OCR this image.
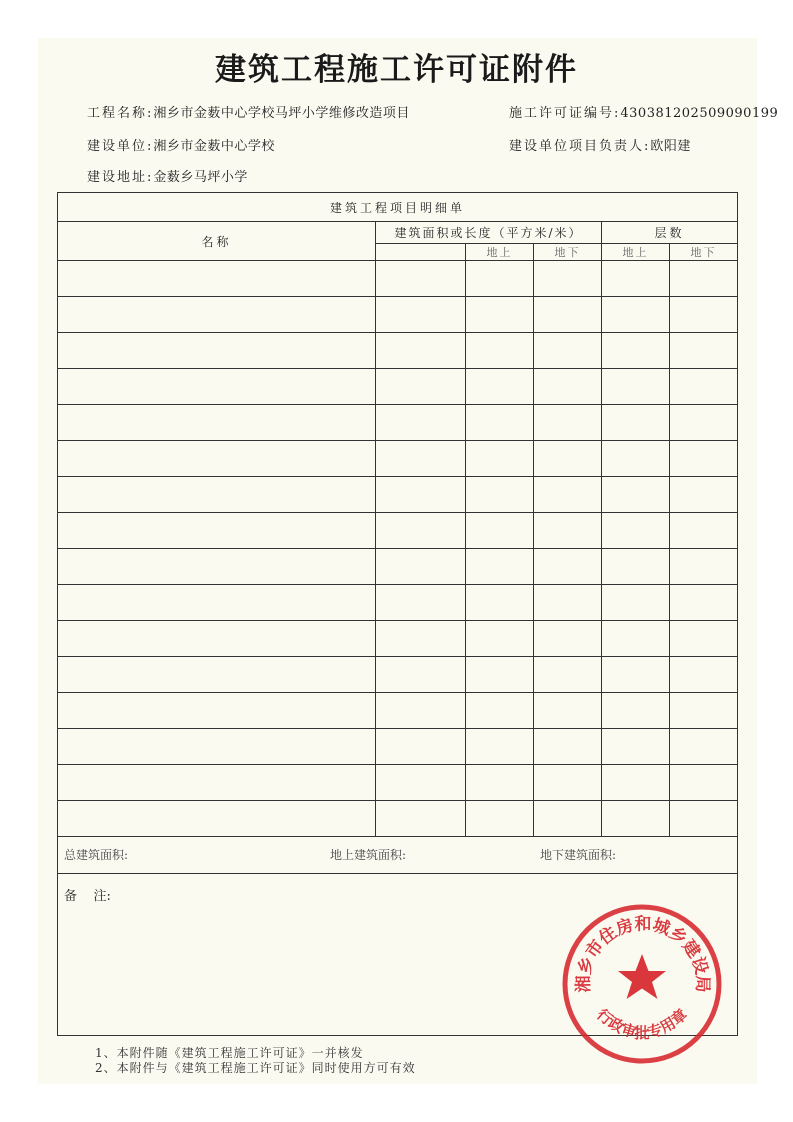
建筑工程施工许可证附件
工程名称:湘乡市金薮中心学校马坪小学维修改造项目	施工许可证编号:430381202509090199
建设单位:湘乡市金薮中心学校	建设单位项目负责人:欧阳建
建设地址:金薮乡马坪小学
建筑工程项目明细单					
名称	建筑面积或长度（平方米/米）			层数	
		地上	地下	地上	地下

总建筑面积:	地上建筑面积:	地下建筑面积:
备    注:
1、本附件随《建筑工程施工许可证》一并核发
2、本附件与《建筑工程施工许可证》同时使用方可有效
湘乡市住房和城乡建设局
行政审批专用章
